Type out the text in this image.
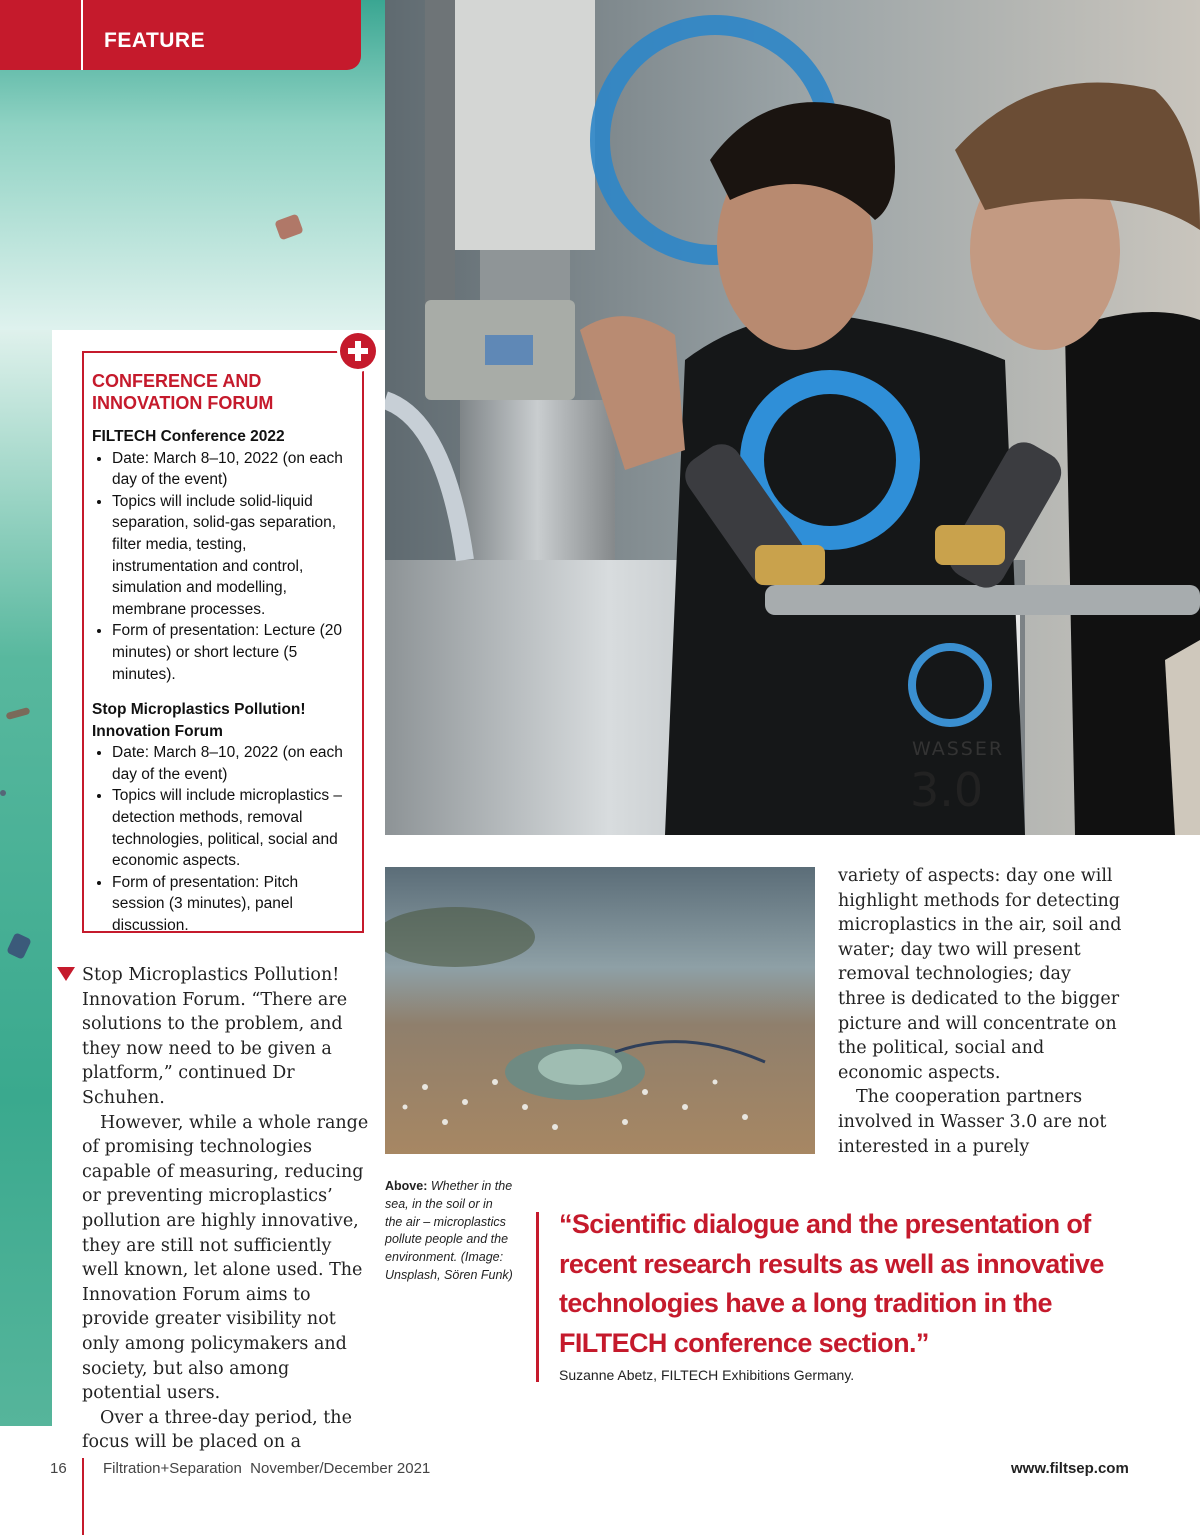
FEATURE
WASSER
3.0
CONFERENCE AND INNOVATION FORUM
FILTECH Conference 2022
• Date: March 8–10, 2022 (on each day of the event)
• Topics will include solid-liquid separation, solid-gas separation, filter media, testing, instrumentation and control, simulation and modelling, membrane processes.
• Form of presentation: Lecture (20 minutes) or short lecture (5 minutes).
Stop Microplastics Pollution! Innovation Forum
• Date: March 8–10, 2022 (on each day of the event)
• Topics will include microplastics – detection methods, removal technologies, political, social and economic aspects.
• Form of presentation: Pitch session (3 minutes), panel discussion.

Stop Microplastics Pollution! Innovation Forum. “There are solutions to the problem, and they now need to be given a platform,” continued Dr Schuhen.

However, while a whole range of promising technologies capable of measuring, reducing or preventing microplastics’ pollution are highly innovative, they are still not sufficiently well known, let alone used. The Innovation Forum aims to provide greater visibility not only among policymakers and society, but also among potential users.

Over a three-day period, the focus will be placed on a

variety of aspects: day one will highlight methods for detecting microplastics in the air, soil and water; day two will present removal technologies; day three is dedicated to the bigger picture and will concentrate on the political, social and economic aspects.

The cooperation partners involved in Wasser 3.0 are not interested in a purely

Above: Whether in the sea, in the soil or in the air – microplastics pollute people and the environment. (Image: Unsplash, Sören Funk)
“Scientific dialogue and the presentation of recent research results as well as innovative technologies have a long tradition in the FILTECH conference section.”
Suzanne Abetz, FILTECH Exhibitions Germany.
16 Filtration+Separation  November/December 2021	www.filtsep.com
